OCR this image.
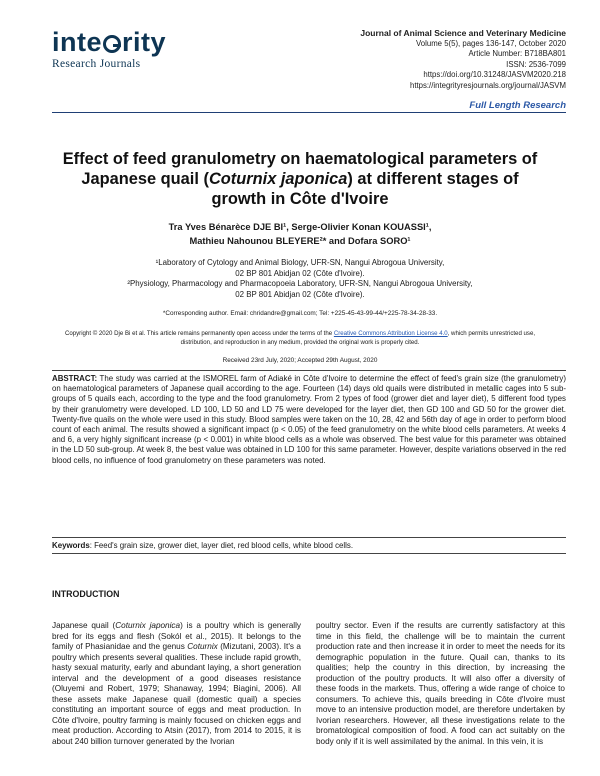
inte rity
Research Journals
Journal of Animal Science and Veterinary Medicine
Volume 5(5), pages 136-147, October 2020
Article Number: B718BA801
ISSN: 2536-7099
https://doi.org/10.31248/JASVM2020.218
https://integrityresjournals.org/journal/JASVM
Full Length Research
Effect of feed granulometry on haematological parameters of Japanese quail (Coturnix japonica) at different stages of growth in Côte d'Ivoire
Tra Yves Bénarèce DJE BI¹, Serge-Olivier Konan KOUASSI¹,
Mathieu Nahounou BLEYERE²* and Dofara SORO¹
¹Laboratory of Cytology and Animal Biology, UFR-SN, Nangui Abrogoua University,
02 BP 801 Abidjan 02 (Côte d'Ivoire).
²Physiology, Pharmacology and Pharmacopoeia Laboratory, UFR-SN, Nangui Abrogoua University,
02 BP 801 Abidjan 02 (Côte d'Ivoire).
*Corresponding author. Email: chridandre@gmail.com; Tel: +225-45-43-99-44/+225-78-34-28-33.
Copyright © 2020 Dje Bi et al. This article remains permanently open access under the terms of the Creative Commons Attribution License 4.0, which permits unrestricted use, distribution, and reproduction in any medium, provided the original work is properly cited.
Received 23rd July, 2020; Accepted 29th August, 2020
ABSTRACT: The study was carried at the ISMOREL farm of Adiaké in Côte d'Ivoire to determine the effect of feed's grain size (the granulometry) on haematological parameters of Japanese quail according to the age. Fourteen (14) days old quails were distributed in metallic cages into 5 sub-groups of 5 quails each, according to the type and the food granulometry. From 2 types of food (grower diet and layer diet), 5 different food types by their granulometry were developed. LD 100, LD 50 and LD 75 were developed for the layer diet, then GD 100 and GD 50 for the grower diet. Twenty-five quails on the whole were used in this study. Blood samples were taken on the 10, 28, 42 and 56th day of age in order to perform blood count of each animal. The results showed a significant impact (p < 0.05) of the feed granulometry on the white blood cells parameters. At weeks 4 and 6, a very highly significant increase (p < 0.001) in white blood cells as a whole was observed. The best value for this parameter was obtained in the LD 50 sub-group. At week 8, the best value was obtained in LD 100 for this same parameter. However, despite variations observed in the red blood cells, no influence of food granulometry on these parameters was noted.
Keywords: Feed's grain size, grower diet, layer diet, red blood cells, white blood cells.
INTRODUCTION
Japanese quail (Coturnix japonica) is a poultry which is generally bred for its eggs and flesh (Sokól et al., 2015). It belongs to the family of Phasianidae and the genus Coturnix (Mizutani, 2003). It's a poultry which presents several qualities. These include rapid growth, hasty sexual maturity, early and abundant laying, a short generation interval and the development of a good diseases resistance (Oluyemi and Robert, 1979; Shanaway, 1994; Biagini, 2006). All these assets make Japanese quail (domestic quail) a species constituting an important source of eggs and meat production. In Côte d'Ivoire, poultry farming is mainly focused on chicken eggs and meat production. According to Atsin (2017), from 2014 to 2015, it is about 240 billion turnover generated by the Ivorian
poultry sector. Even if the results are currently satisfactory at this time in this field, the challenge will be to maintain the current production rate and then increase it in order to meet the needs for its demographic population in the future. Quail can, thanks to its qualities; help the country in this direction, by increasing the production of the poultry products. It will also offer a diversity of these foods in the markets. Thus, offering a wide range of choice to consumers. To achieve this, quails breeding in Côte d'Ivoire must move to an intensive production model, are therefore undertaken by Ivorian researchers. However, all these investigations relate to the bromatological composition of food. A food can act suitably on the body only if it is well assimilated by the animal. In this vein, it is
